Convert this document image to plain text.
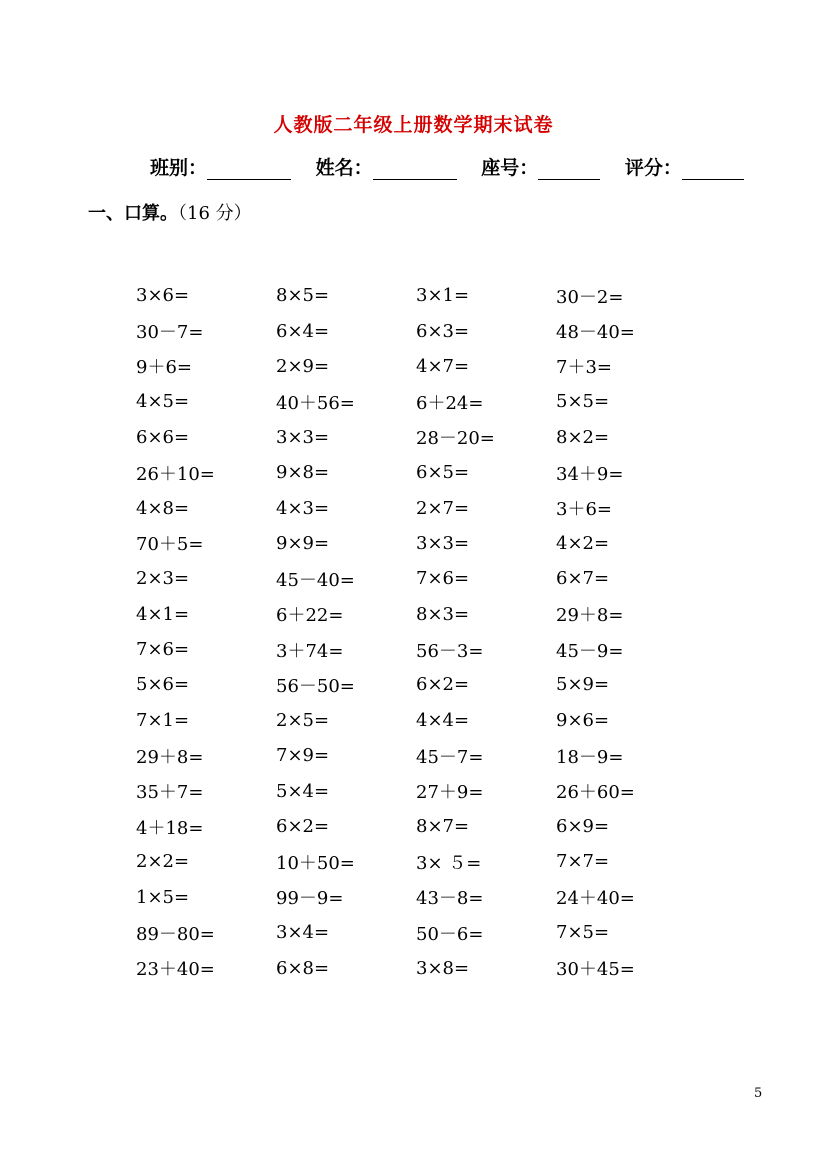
人教版二年级上册数学期末试卷
班别：	姓名：	座号：	评分：
一、口算。（16 分）
3×6=	8×5=	3×1=	30－2=
30－7=	6×4=	6×3=	48－40=
9＋6=	2×9=	4×7=	7＋3=
4×5=	40＋56=	6＋24=	5×5=
6×6=	3×3=	28－20=	8×2=
26＋10=	9×8=	6×5=	34＋9=
4×8=	4×3=	2×7=	3＋6=
70＋5=	9×9=	3×3=	4×2=
2×3=	45－40=	7×6=	6×7=
4×1=	6＋22=	8×3=	29＋8=
7×6=	3＋74=	56－3=	45－9=
5×6=	56－50=	6×2=	5×9=
7×1=	2×5=	4×4=	9×6=
29＋8=	7×9=	45－7=	18－9=
35＋7=	5×4=	27＋9=	26＋60=
4＋18=	6×2=	8×7=	6×9=
2×2=	10＋50=	3× ５=	7×7=
1×5=	99－9=	43－8=	24＋40=
89－80=	3×4=	50－6=	7×5=
23＋40=	6×8=	3×8=	30＋45=
5
